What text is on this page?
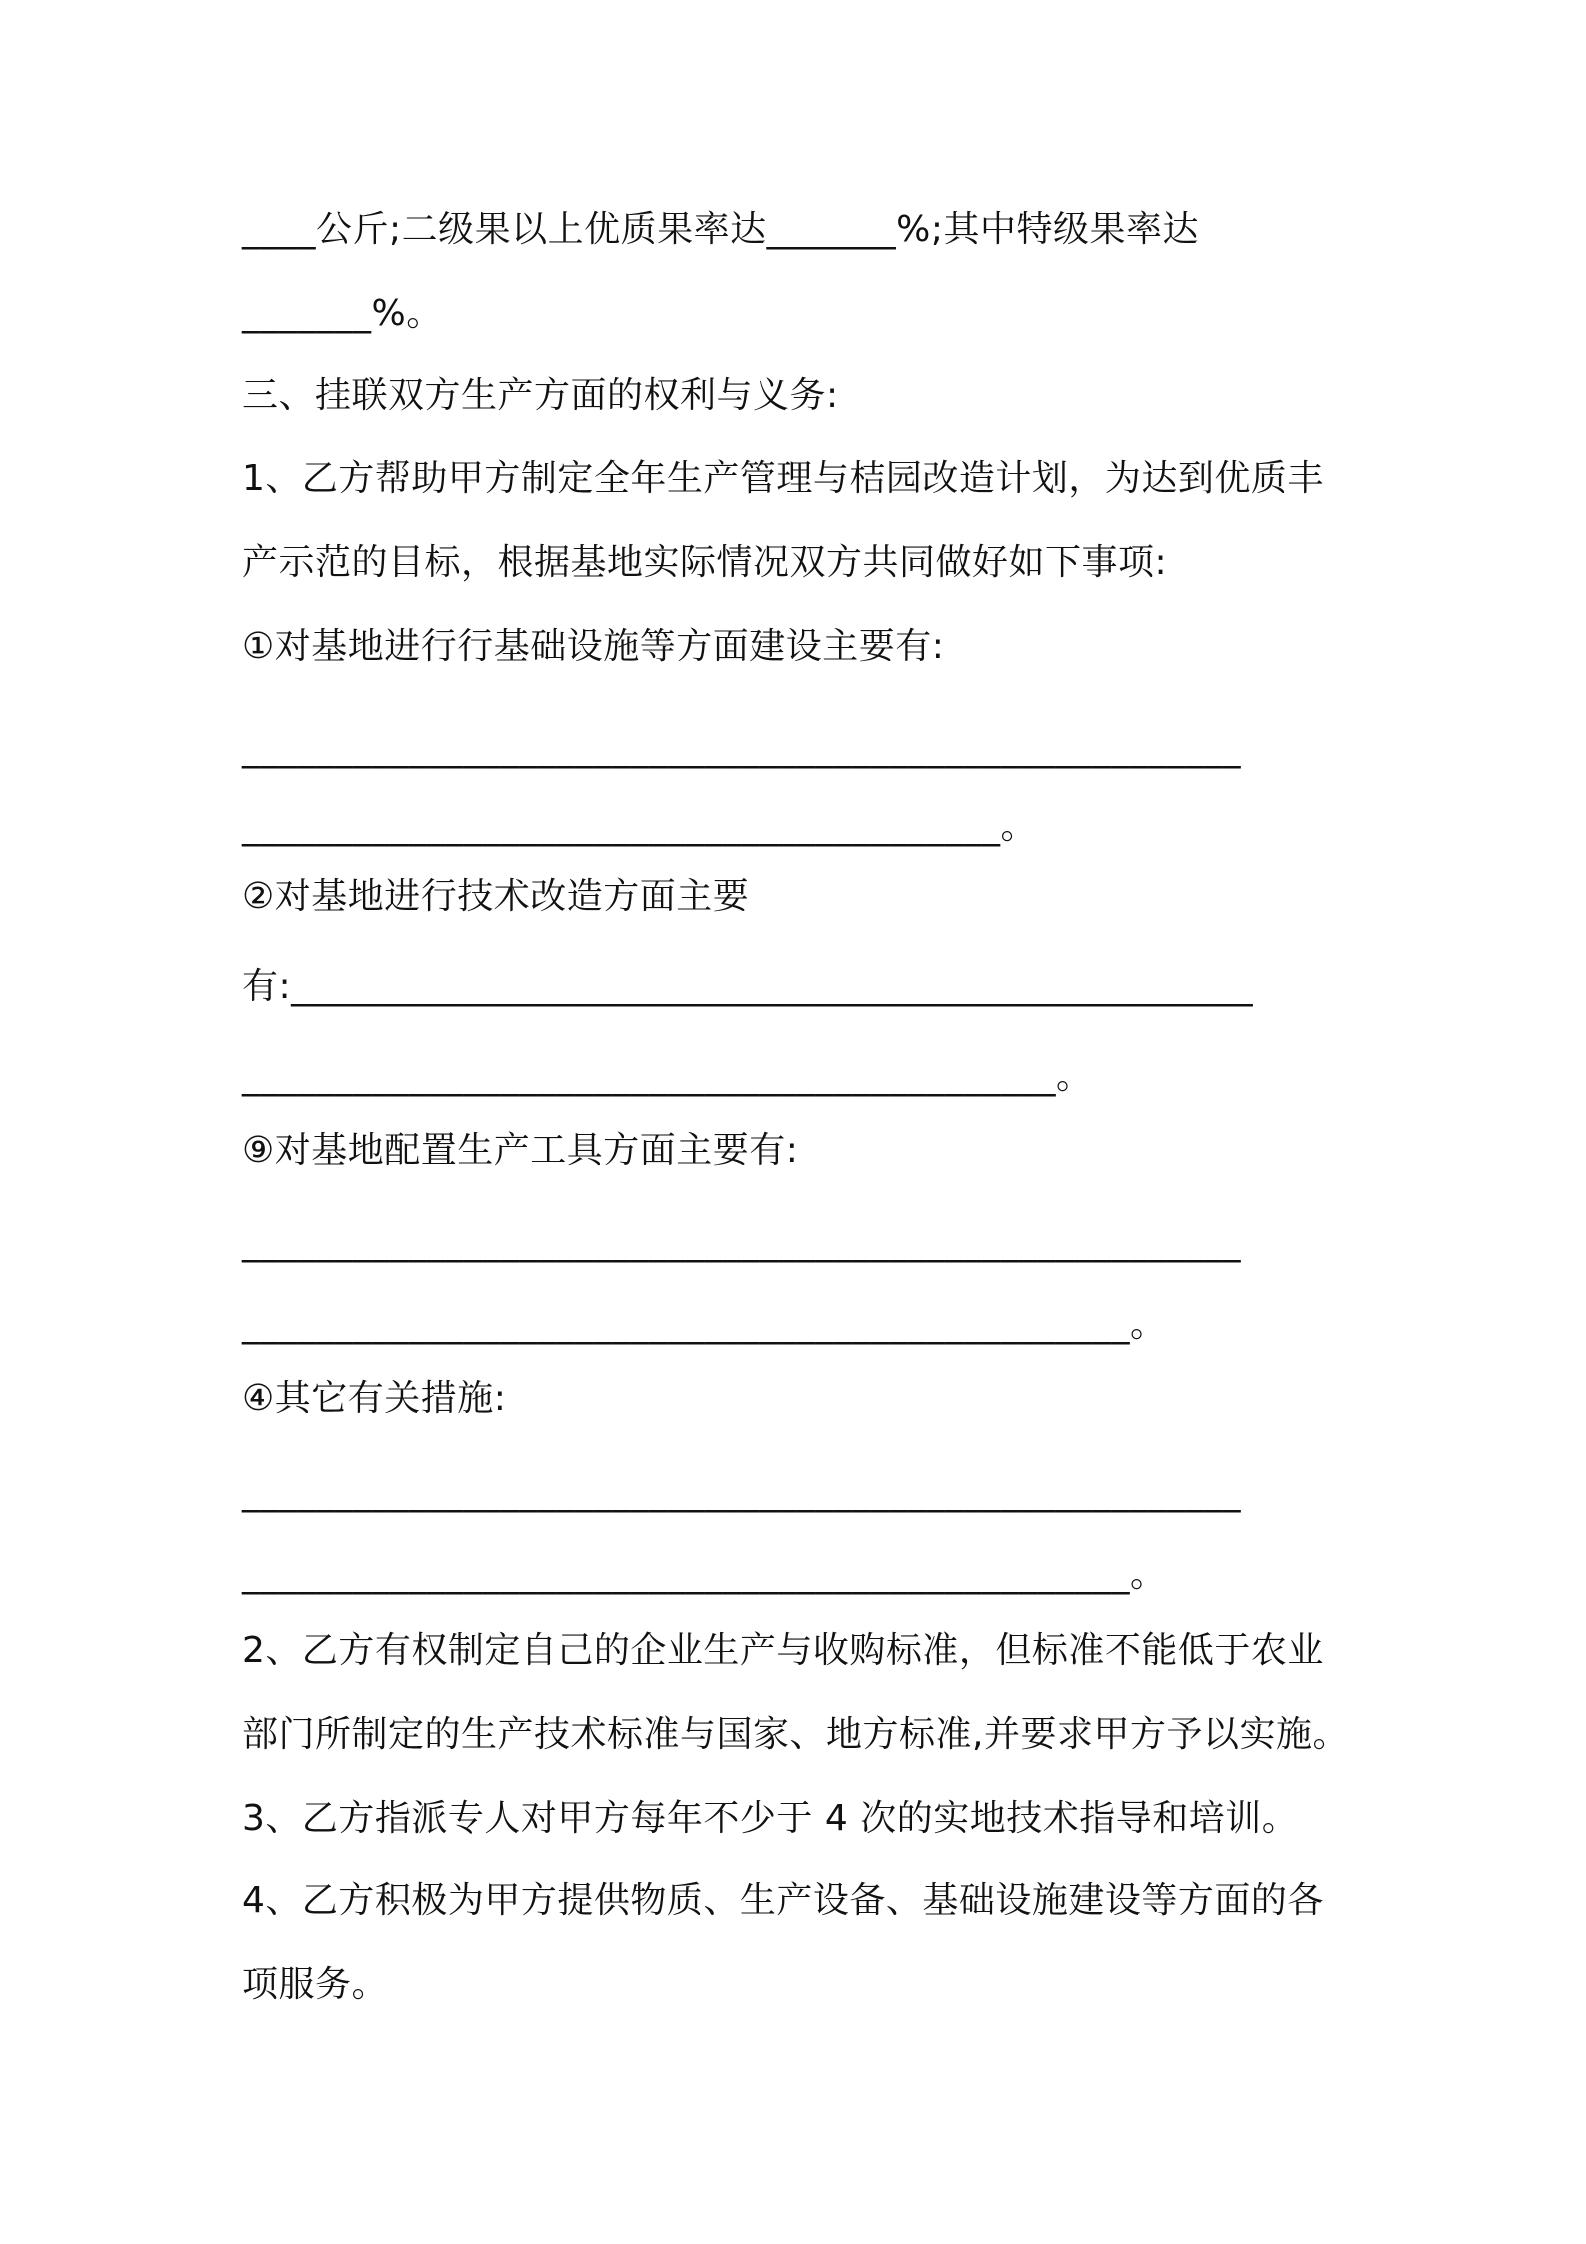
____公斤;二级果以上优质果率达_______%;其中特级果率达
_______%。
三、挂联双方生产方面的权利与义务:
1、乙方帮助甲方制定全年生产管理与桔园改造计划，为达到优质丰
产示范的目标，根据基地实际情况双方共同做好如下事项:
①对基地进行行基础设施等方面建设主要有:
______________________________________________________
_________________________________________。
②对基地进行技术改造方面主要
有:____________________________________________________
____________________________________________。
⑨对基地配置生产工具方面主要有:
______________________________________________________
________________________________________________。
④其它有关措施:
______________________________________________________
________________________________________________。
2、乙方有权制定自己的企业生产与收购标准，但标准不能低于农业
部门所制定的生产技术标准与国家、地方标准,并要求甲方予以实施。
3、乙方指派专人对甲方每年不少于 4 次的实地技术指导和培训。
4、乙方积极为甲方提供物质、生产设备、基础设施建设等方面的各
项服务。
